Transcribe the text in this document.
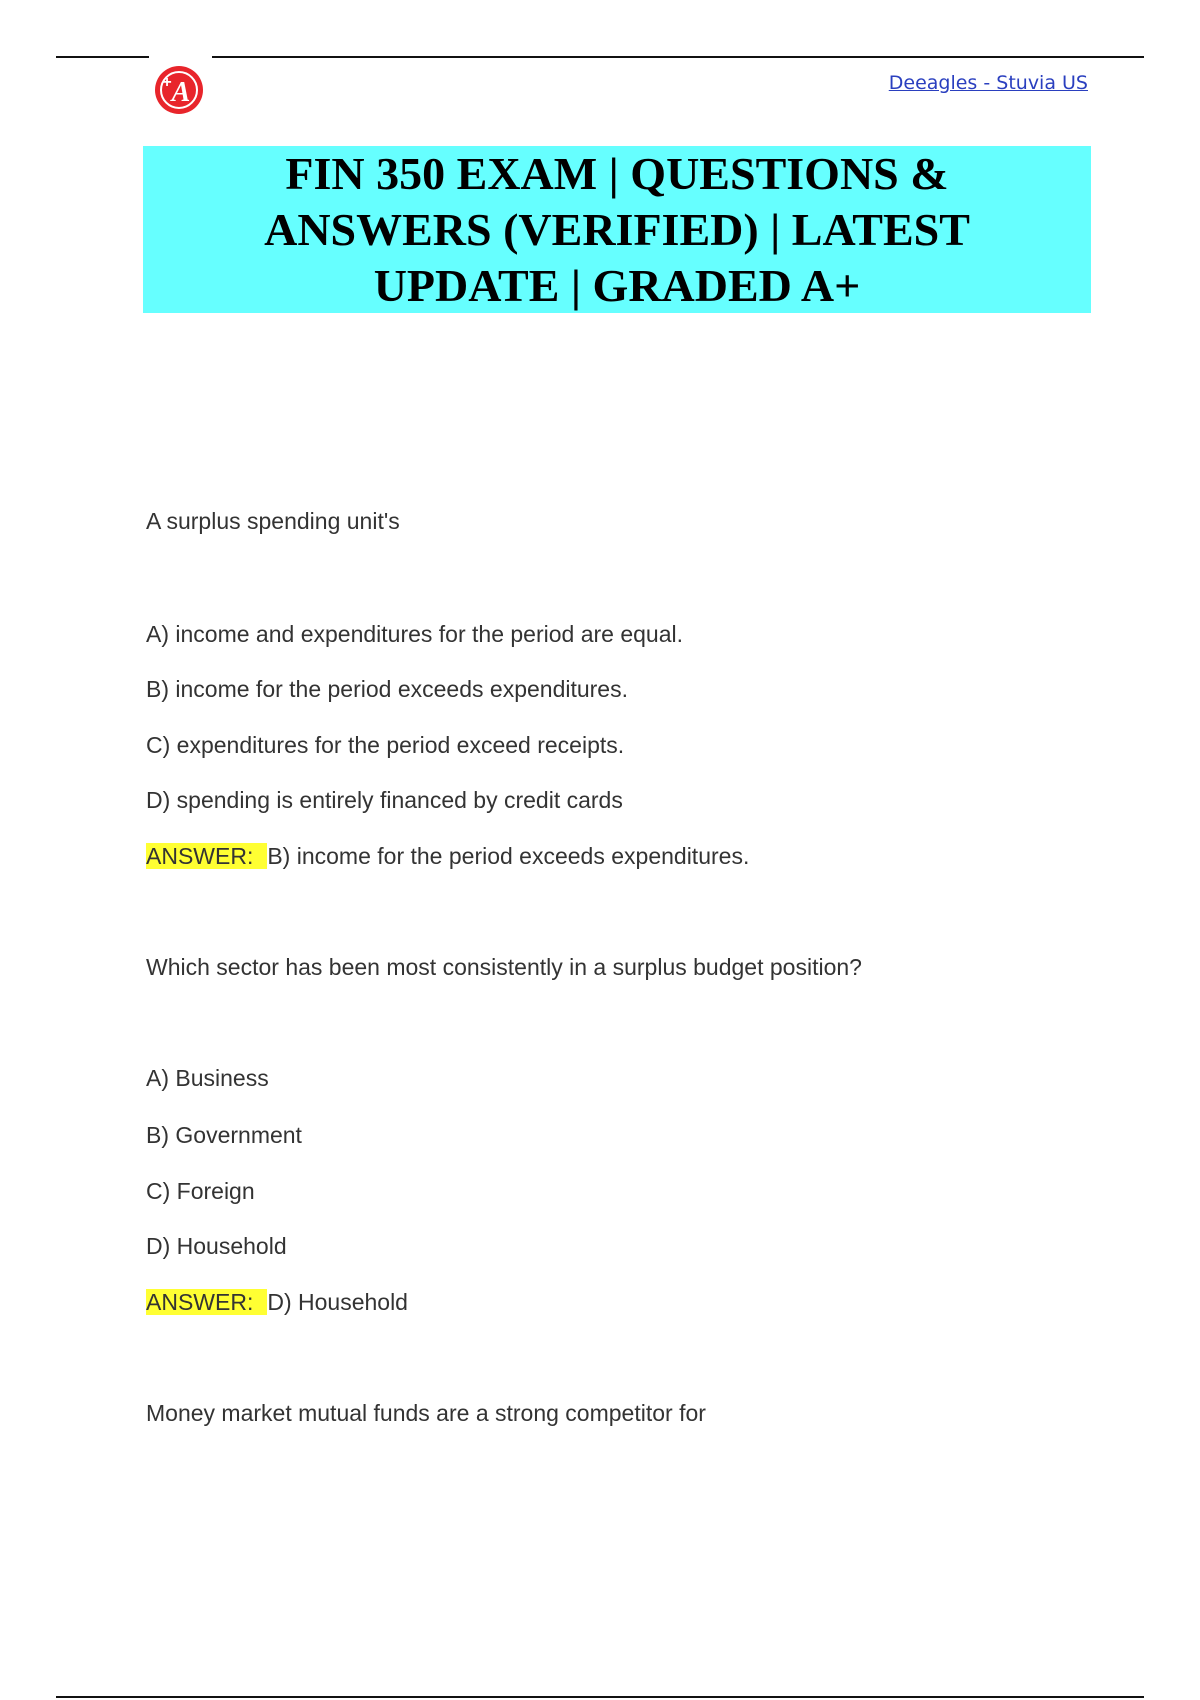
A
+	Deeagles - Stuvia US
FIN 350 EXAM | QUESTIONS & ANSWERS (VERIFIED) | LATEST UPDATE | GRADED A+
A surplus spending unit's
A) income and expenditures for the period are equal.
B) income for the period exceeds expenditures.
C) expenditures for the period exceed receipts.
D) spending is entirely financed by credit cards
ANSWER: B) income for the period exceeds expenditures.
Which sector has been most consistently in a surplus budget position?
A) Business
B) Government
C) Foreign
D) Household
ANSWER: D) Household
Money market mutual funds are a strong competitor for
